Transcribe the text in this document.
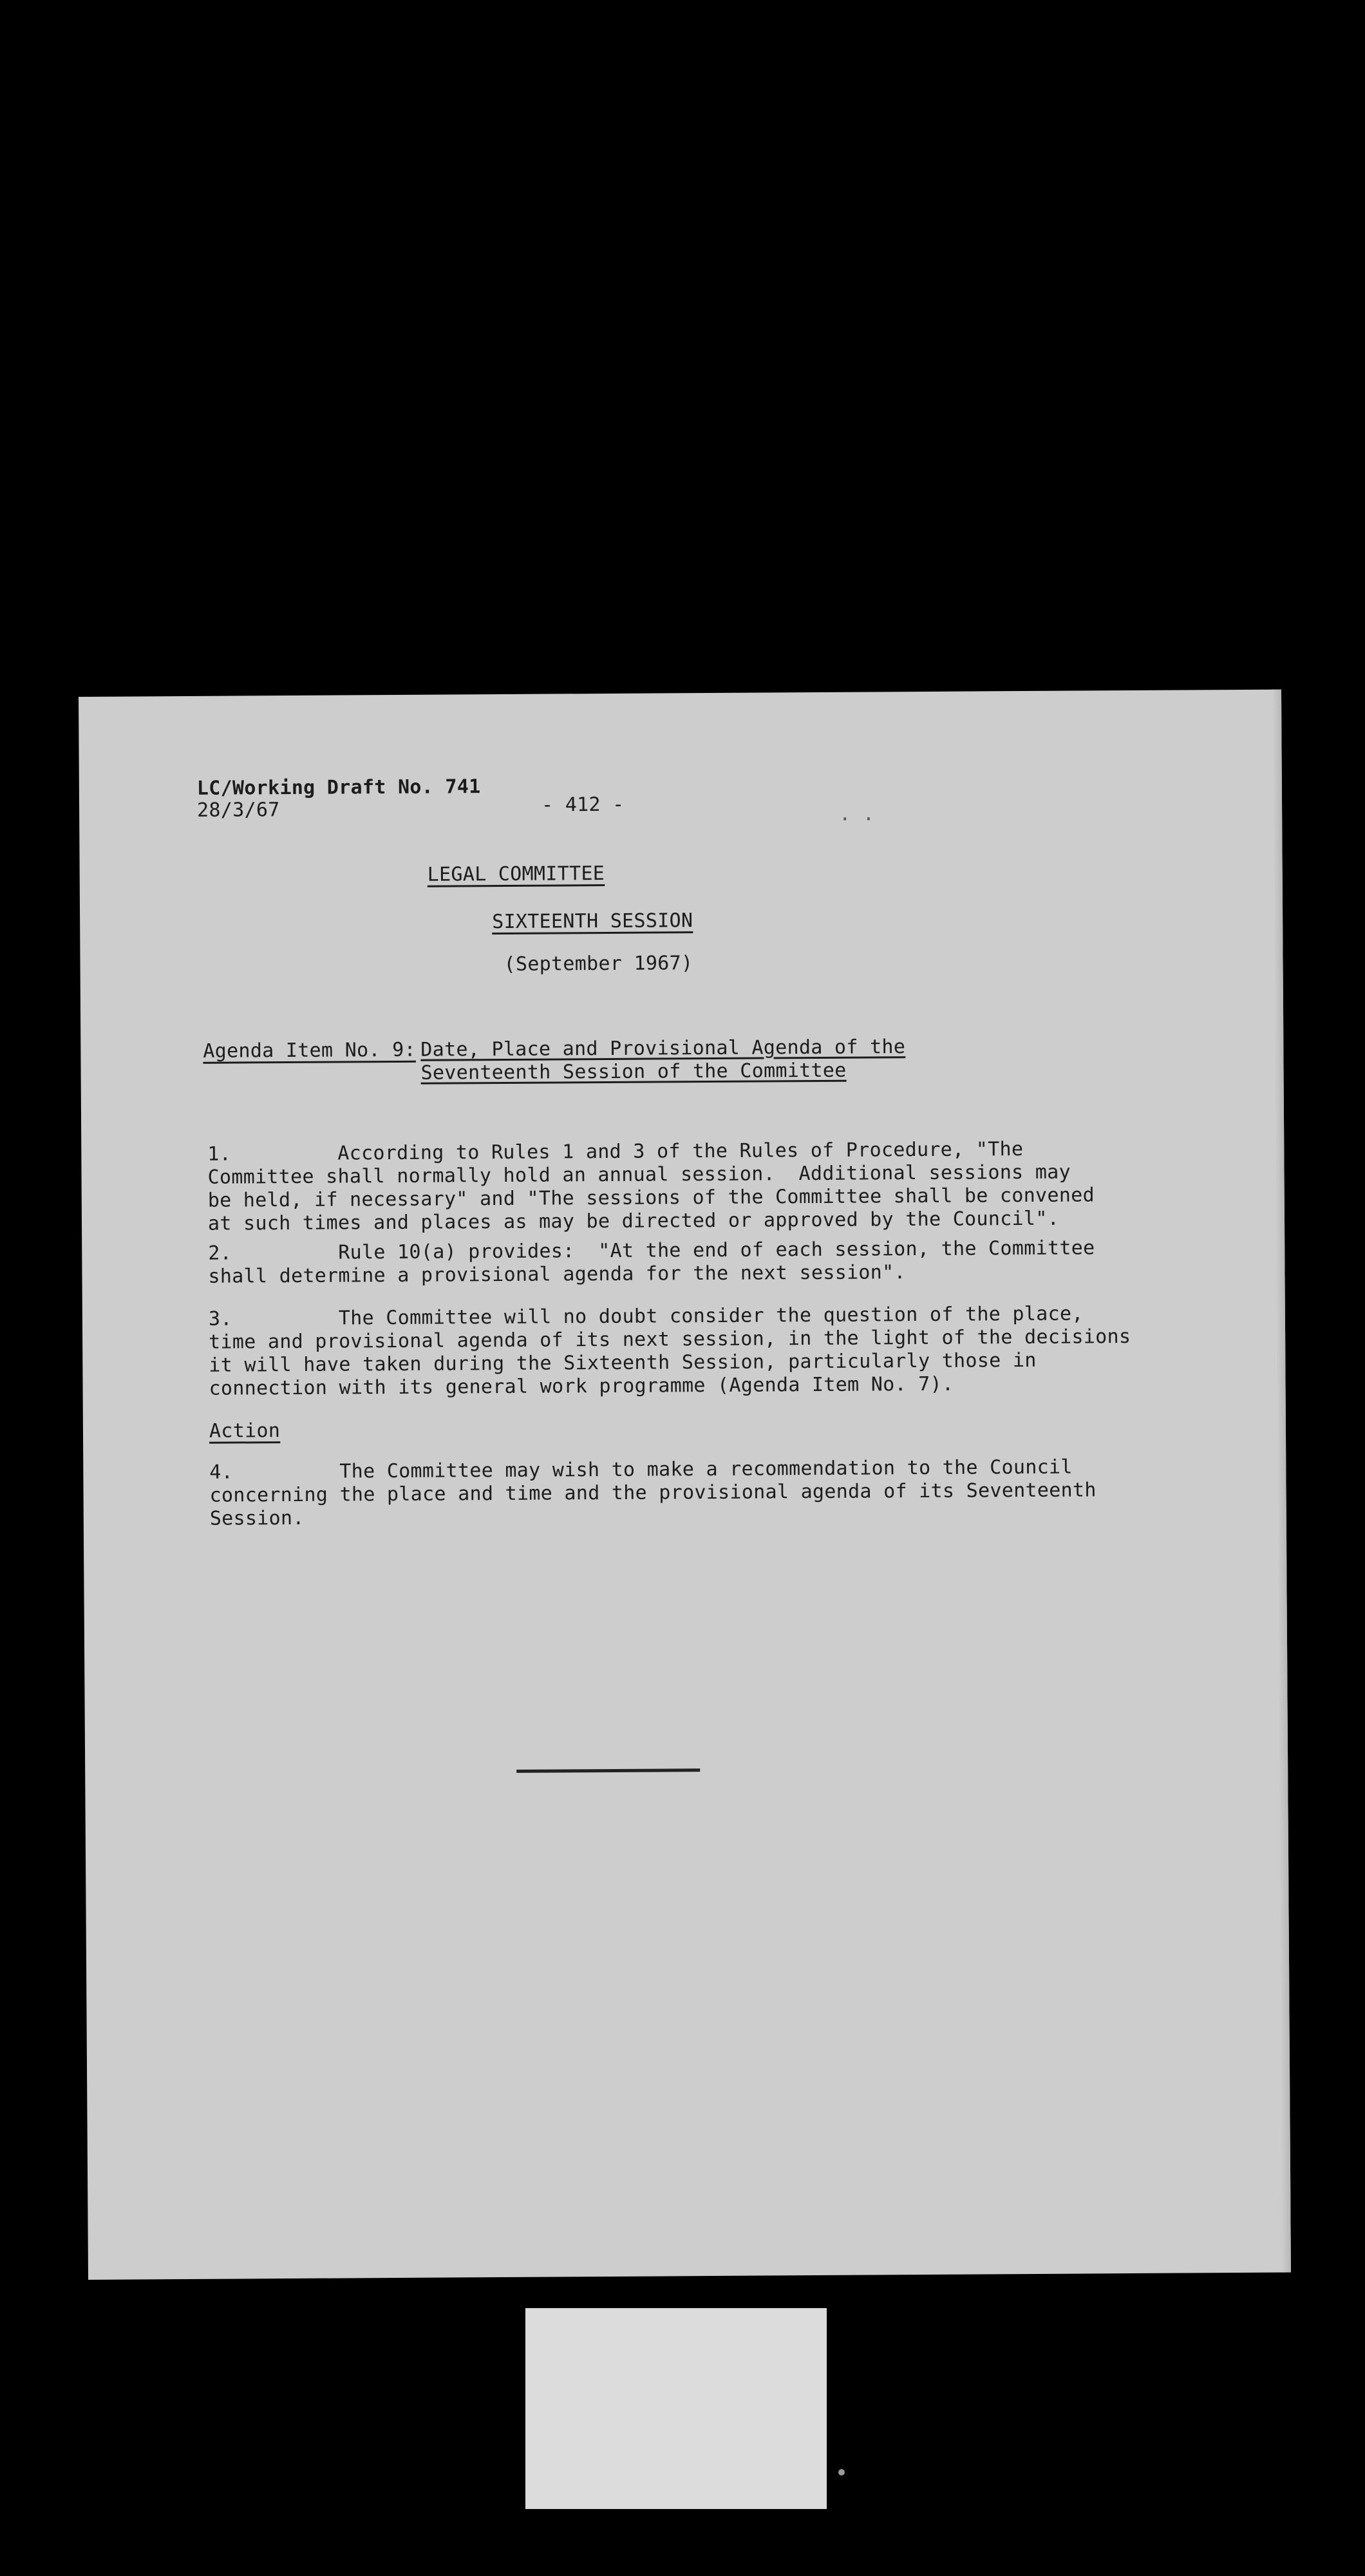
LC/Working Draft No. 741
28/3/67	- 412 -	. .
LEGAL COMMITTEE
SIXTEENTH SESSION
(September 1967)
Agenda Item No. 9: Date, Place and Provisional Agenda of the
Seventeenth Session of the Committee
1.         According to Rules 1 and 3 of the Rules of Procedure, "The
Committee shall normally hold an annual session.  Additional sessions may
be held, if necessary" and "The sessions of the Committee shall be convened
at such times and places as may be directed or approved by the Council".
2.         Rule 10(a) provides:  "At the end of each session, the Committee
shall determine a provisional agenda for the next session".
3.         The Committee will no doubt consider the question of the place,
time and provisional agenda of its next session, in the light of the decisions
it will have taken during the Sixteenth Session, particularly those in
connection with its general work programme (Agenda Item No. 7).
Action
4.         The Committee may wish to make a recommendation to the Council
concerning the place and time and the provisional agenda of its Seventeenth
Session.
